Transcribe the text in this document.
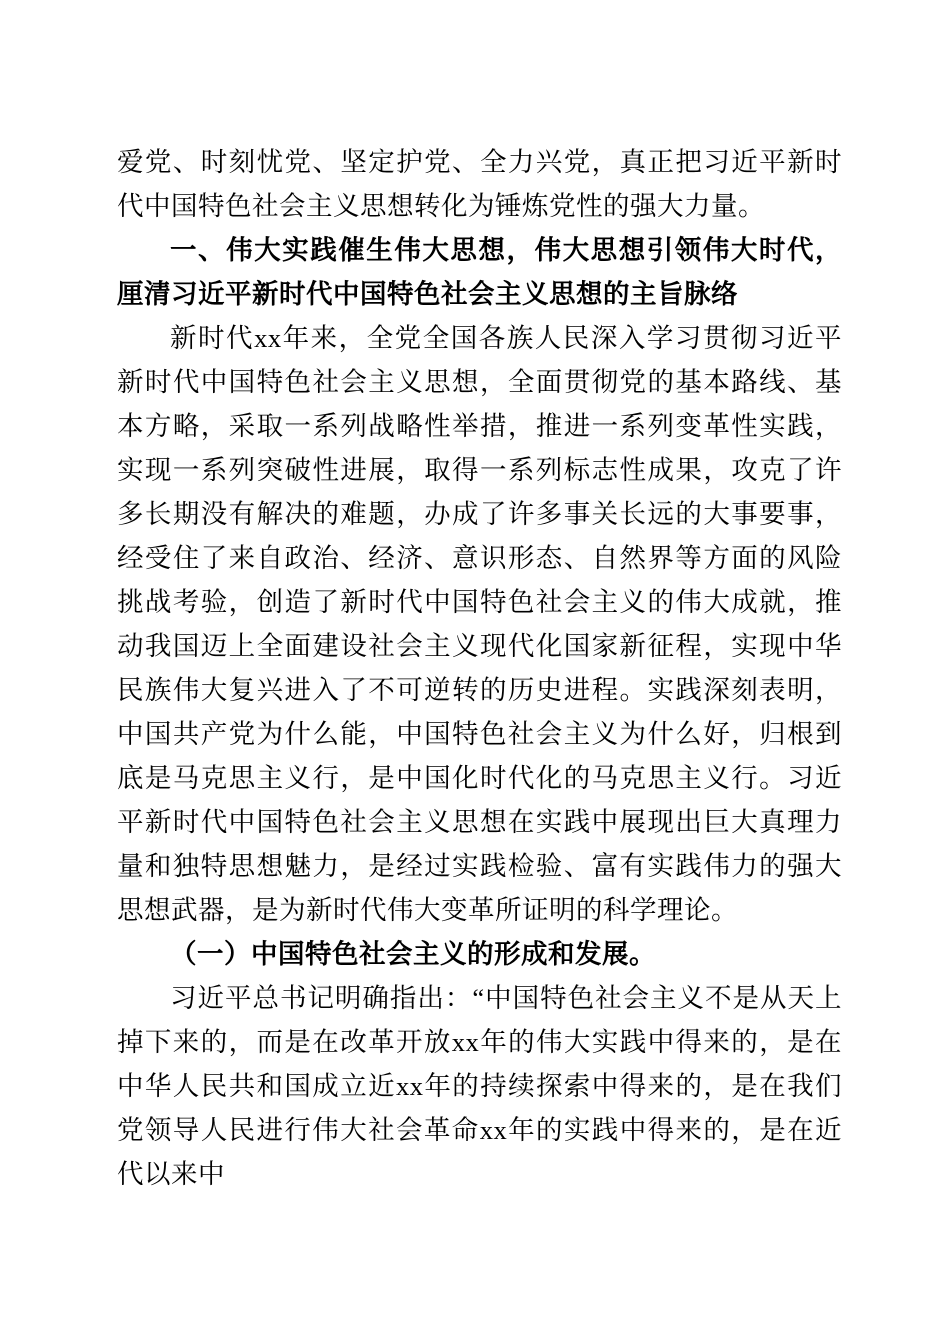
爱党、时刻忧党、坚定护党、全力兴党，真正把习近平新时代中国特色社会主义思想转化为锤炼党性的强大力量。

一、伟大实践催生伟大思想，伟大思想引领伟大时代，厘清习近平新时代中国特色社会主义思想的主旨脉络

新时代xx年来，全党全国各族人民深入学习贯彻习近平新时代中国特色社会主义思想，全面贯彻党的基本路线、基本方略，采取一系列战略性举措，推进一系列变革性实践，实现一系列突破性进展，取得一系列标志性成果，攻克了许多长期没有解决的难题，办成了许多事关长远的大事要事，经受住了来自政治、经济、意识形态、自然界等方面的风险挑战考验，创造了新时代中国特色社会主义的伟大成就，推动我国迈上全面建设社会主义现代化国家新征程，实现中华民族伟大复兴进入了不可逆转的历史进程。实践深刻表明，中国共产党为什么能，中国特色社会主义为什么好，归根到底是马克思主义行，是中国化时代化的马克思主义行。习近平新时代中国特色社会主义思想在实践中展现出巨大真理力量和独特思想魅力，是经过实践检验、富有实践伟力的强大思想武器，是为新时代伟大变革所证明的科学理论。

（一）中国特色社会主义的形成和发展。

习近平总书记明确指出：“中国特色社会主义不是从天上掉下来的，而是在改革开放xx年的伟大实践中得来的，是在中华人民共和国成立近xx年的持续探索中得来的，是在我们党领导人民进行伟大社会革命xx年的实践中得来的，是在近代以来中
